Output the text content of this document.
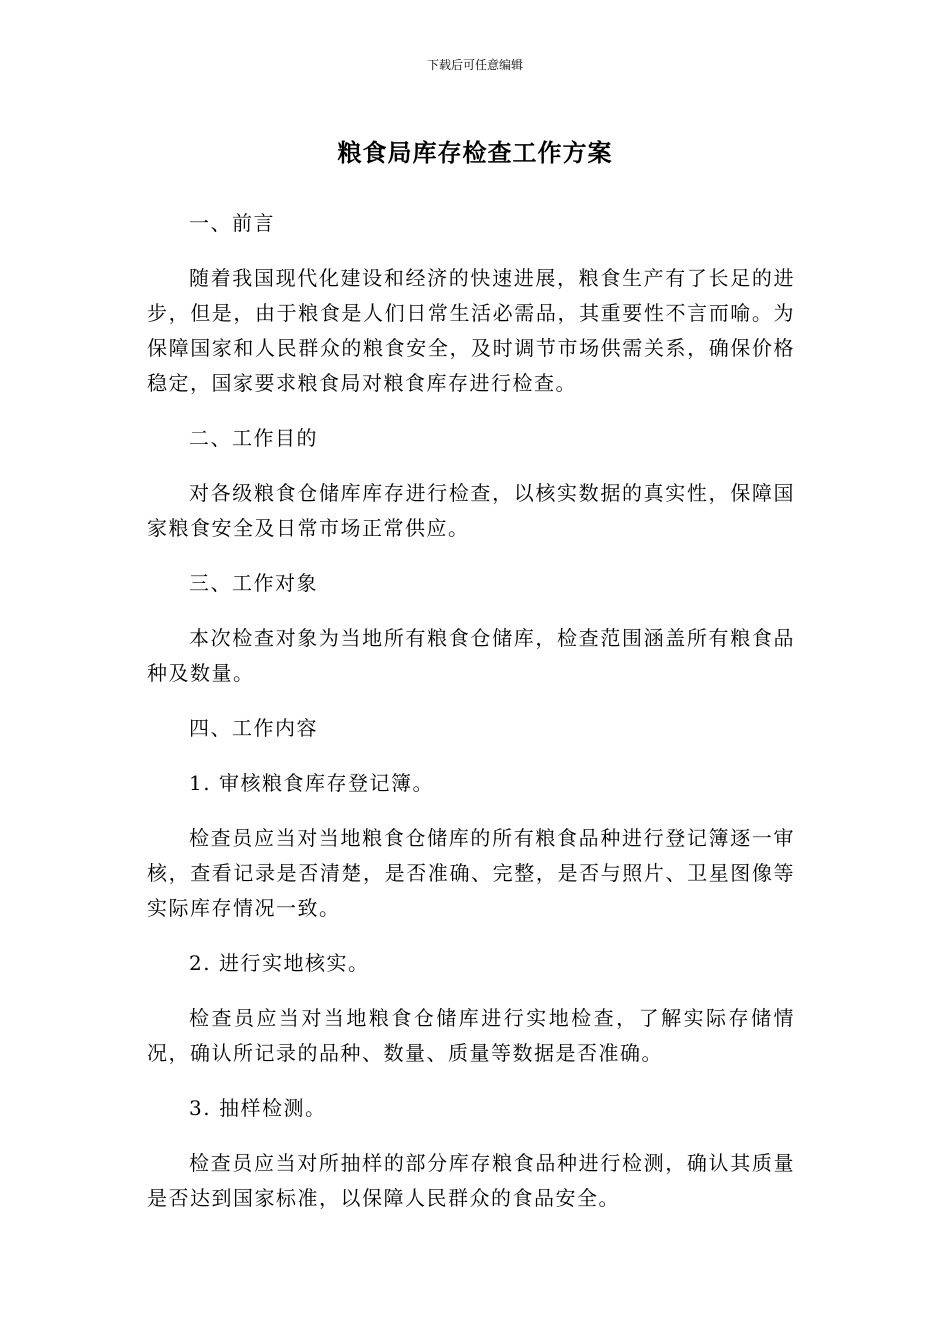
下载后可任意编辑
粮食局库存检查工作方案

一、前言

随着我国现代化建设和经济的快速进展，粮食生产有了长足的进步，但是，由于粮食是人们日常生活必需品，其重要性不言而喻。为保障国家和人民群众的粮食安全，及时调节市场供需关系，确保价格稳定，国家要求粮食局对粮食库存进行检查。

二、工作目的

对各级粮食仓储库库存进行检查，以核实数据的真实性，保障国家粮食安全及日常市场正常供应。

三、工作对象

本次检查对象为当地所有粮食仓储库，检查范围涵盖所有粮食品种及数量。

四、工作内容

1. 审核粮食库存登记簿。

检查员应当对当地粮食仓储库的所有粮食品种进行登记簿逐一审核，查看记录是否清楚，是否准确、完整，是否与照片、卫星图像等实际库存情况一致。

2. 进行实地核实。

检查员应当对当地粮食仓储库进行实地检查，了解实际存储情况，确认所记录的品种、数量、质量等数据是否准确。

3. 抽样检测。

检查员应当对所抽样的部分库存粮食品种进行检测，确认其质量是否达到国家标准，以保障人民群众的食品安全。
